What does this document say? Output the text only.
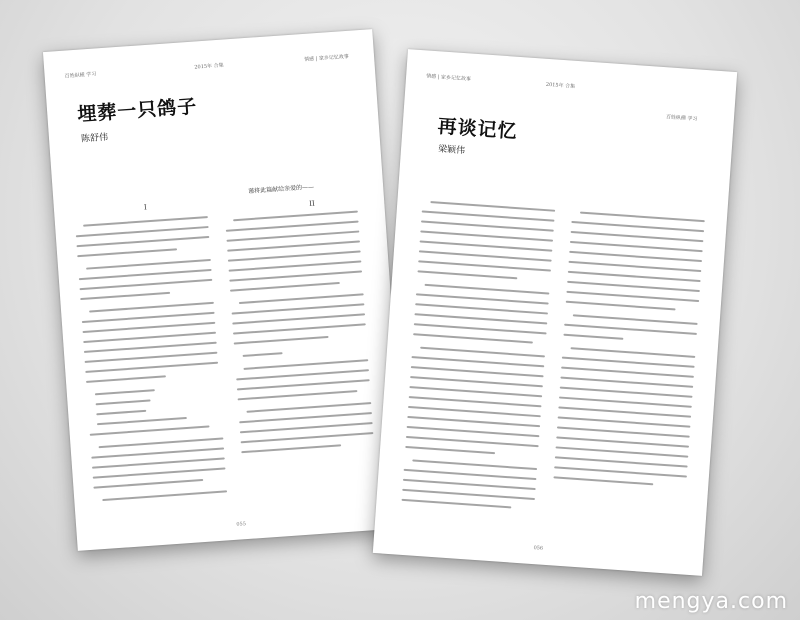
百姓纵横 学习
2015年 合集
情感 | 家乡记忆故事
埋葬一只鸽子
陈舒伟
谨将此篇献给亲爱的——
I	II
055
情感 | 家乡记忆故事
2015年 合集
百姓纵横 学习
再谈记忆
梁颖伟
056
mengya.com
